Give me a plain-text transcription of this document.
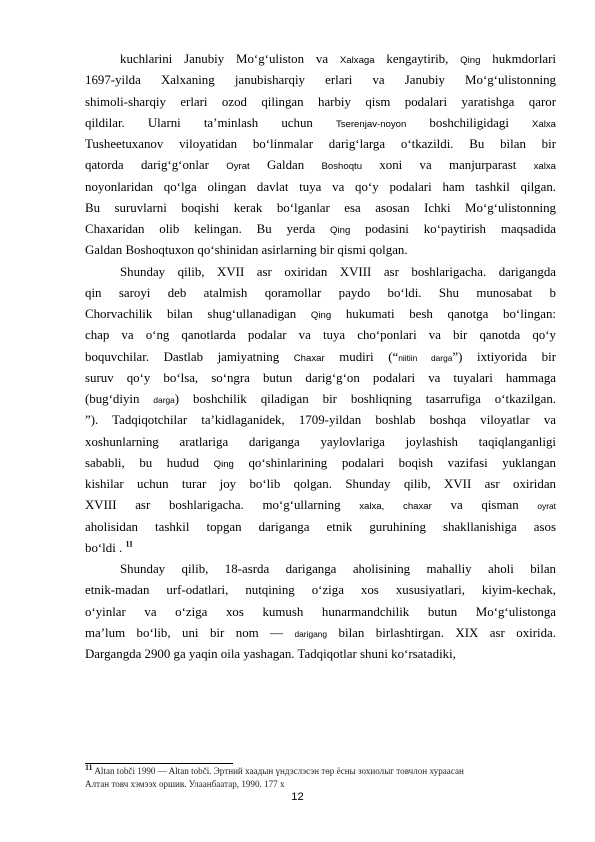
kuchlarini Janubiy Moʻgʻuliston va Xalxaga kengaytirib, Qing hukmdorlari
1697-yilda Xalxaning janubisharqiy erlari va Janubiy Moʻgʻulistonning
shimoli-sharqiy erlari ozod qilingan harbiy qism podalari yaratishga qaror
qildilar. Ularni taʼminlash uchun Tserenjav-noyon boshchiligidagi Xalxa
Tusheetuxanov viloyatidan boʻlinmalar darigʻlarga oʻtkazildi. Bu bilan bir
qatorda darigʻgʻonlar Oyrat Galdan Boshoqtu xoni va manjurparast xalxa
noyonlaridan qoʻlga olingan davlat tuya va qoʻy podalari ham tashkil qilgan.
Bu suruvlarni boqishi kerak boʻlganlar esa asosan Ichki Moʻgʻulistonning
Chaxaridan olib kelingan. Bu yerda Qing podasini koʻpaytirish maqsadida
Galdan Boshoqtuxon qoʻshinidan asirlarning bir qismi qolgan.
Shunday qilib, XVII asr oxiridan XVIII asr boshlarigacha. darigangda
qin saroyi deb atalmish qoramollar paydo boʻldi. Shu munosabat b
Chorvachilik bilan shugʻullanadigan Qing hukumati besh qanotga boʻlingan:
chap va oʻng qanotlarda podalar va tuya choʻponlari va bir qanotda qoʻy
boquvchilar. Dastlab jamiyatning Chaxar mudiri (“niitiin darga”) ixtiyorida bir
suruv qoʻy boʻlsa, soʻngra butun darigʻgʻon podalari va tuyalari hammaga
(bugʻdiyin darga) boshchilik qiladigan bir boshliqning tasarrufiga oʻtkazilgan.
”). Tadqiqotchilar ta’kidlaganidek, 1709-yildan boshlab boshqa viloyatlar va
xoshunlarning aratlariga dariganga yaylovlariga joylashish taqiqlanganligi
sababli, bu hudud Qing qoʻshinlarining podalari boqish vazifasi yuklangan
kishilar uchun turar joy boʻlib qolgan. Shunday qilib, XVII asr oxiridan
XVIII asr boshlarigacha. moʻgʻullarning xalxa, chaxar va qisman oyrat
aholisidan tashkil topgan dariganga etnik guruhining shakllanishiga asos
boʻldi . $^{11}$
Shunday qilib, 18-asrda dariganga aholisining mahalliy aholi bilan
etnik-madan urf-odatlari, nutqining oʻziga xos xususiyatlari, kiyim-kechak,
oʻyinlar va oʻziga xos kumush hunarmandchilik butun Moʻgʻulistonga
maʼlum boʻlib, uni bir nom — darigang bilan birlashtirgan. XIX asr oxirida.
Dargangda 2900 ga yaqin oila yashagan. Tadqiqotlar shuni koʻrsatadiki,
11 Altan tobči 1990 — Altan tobči. Эртний хаадын үндэслэсэн төр ёсны зохиолыг товчлон хураасан
Алтан товч хэмээх оршив. Улаанбаатар, 1990. 177 x
12
